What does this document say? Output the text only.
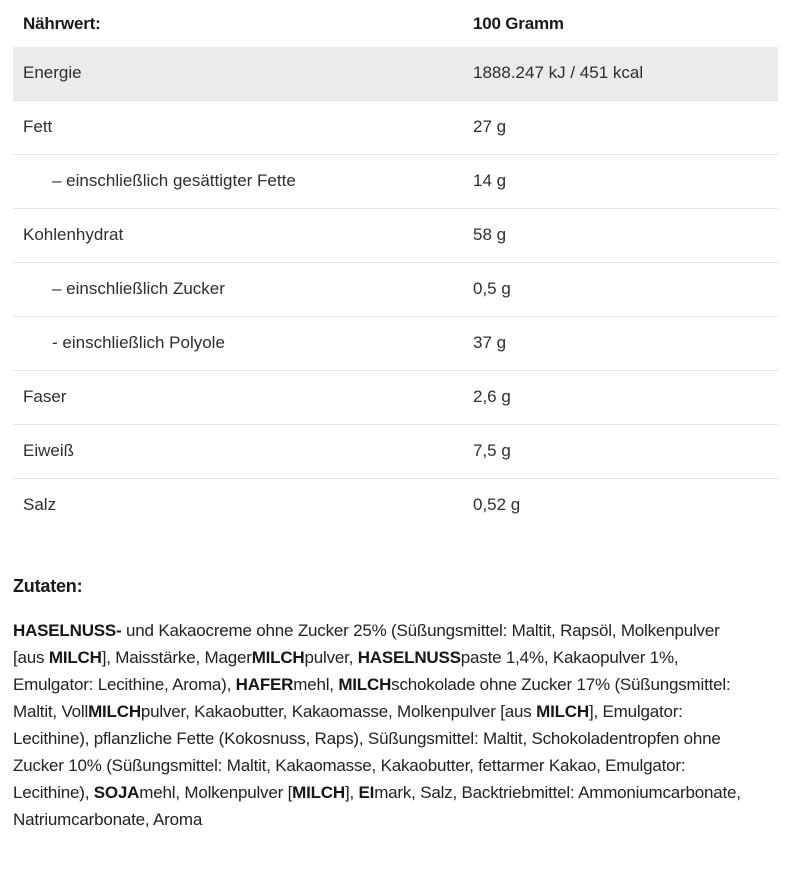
Nährwert:	100 Gramm
Energie	1888.247 kJ / 451 kcal
Fett	27 g
– einschließlich gesättigter Fette	14 g
Kohlenhydrat	58 g
– einschließlich Zucker	0,5 g
- einschließlich Polyole	37 g
Faser	2,6 g
Eiweiß	7,5 g
Salz	0,52 g
Zutaten:

HASELNUSS- und Kakaocreme ohne Zucker 25% (Süßungsmittel: Maltit, Rapsöl, Molkenpulver [aus MILCH], Maisstärke, MagerMILCHpulver, HASELNUSSpaste 1,4%, Kakaopulver 1%, Emulgator: Lecithine, Aroma), HAFERmehl, MILCHschokolade ohne Zucker 17% (Süßungsmittel: Maltit, VollMILCHpulver, Kakaobutter, Kakaomasse, Molkenpulver [aus MILCH], Emulgator: Lecithine), pflanzliche Fette (Kokosnuss, Raps), Süßungsmittel: Maltit, Schokoladentropfen ohne Zucker 10% (Süßungsmittel: Maltit, Kakaomasse, Kakaobutter, fettarmer Kakao, Emulgator: Lecithine), SOJAmehl, Molkenpulver [MILCH], EImark, Salz, Backtriebmittel: Ammoniumcarbonate, Natriumcarbonate, Aroma
